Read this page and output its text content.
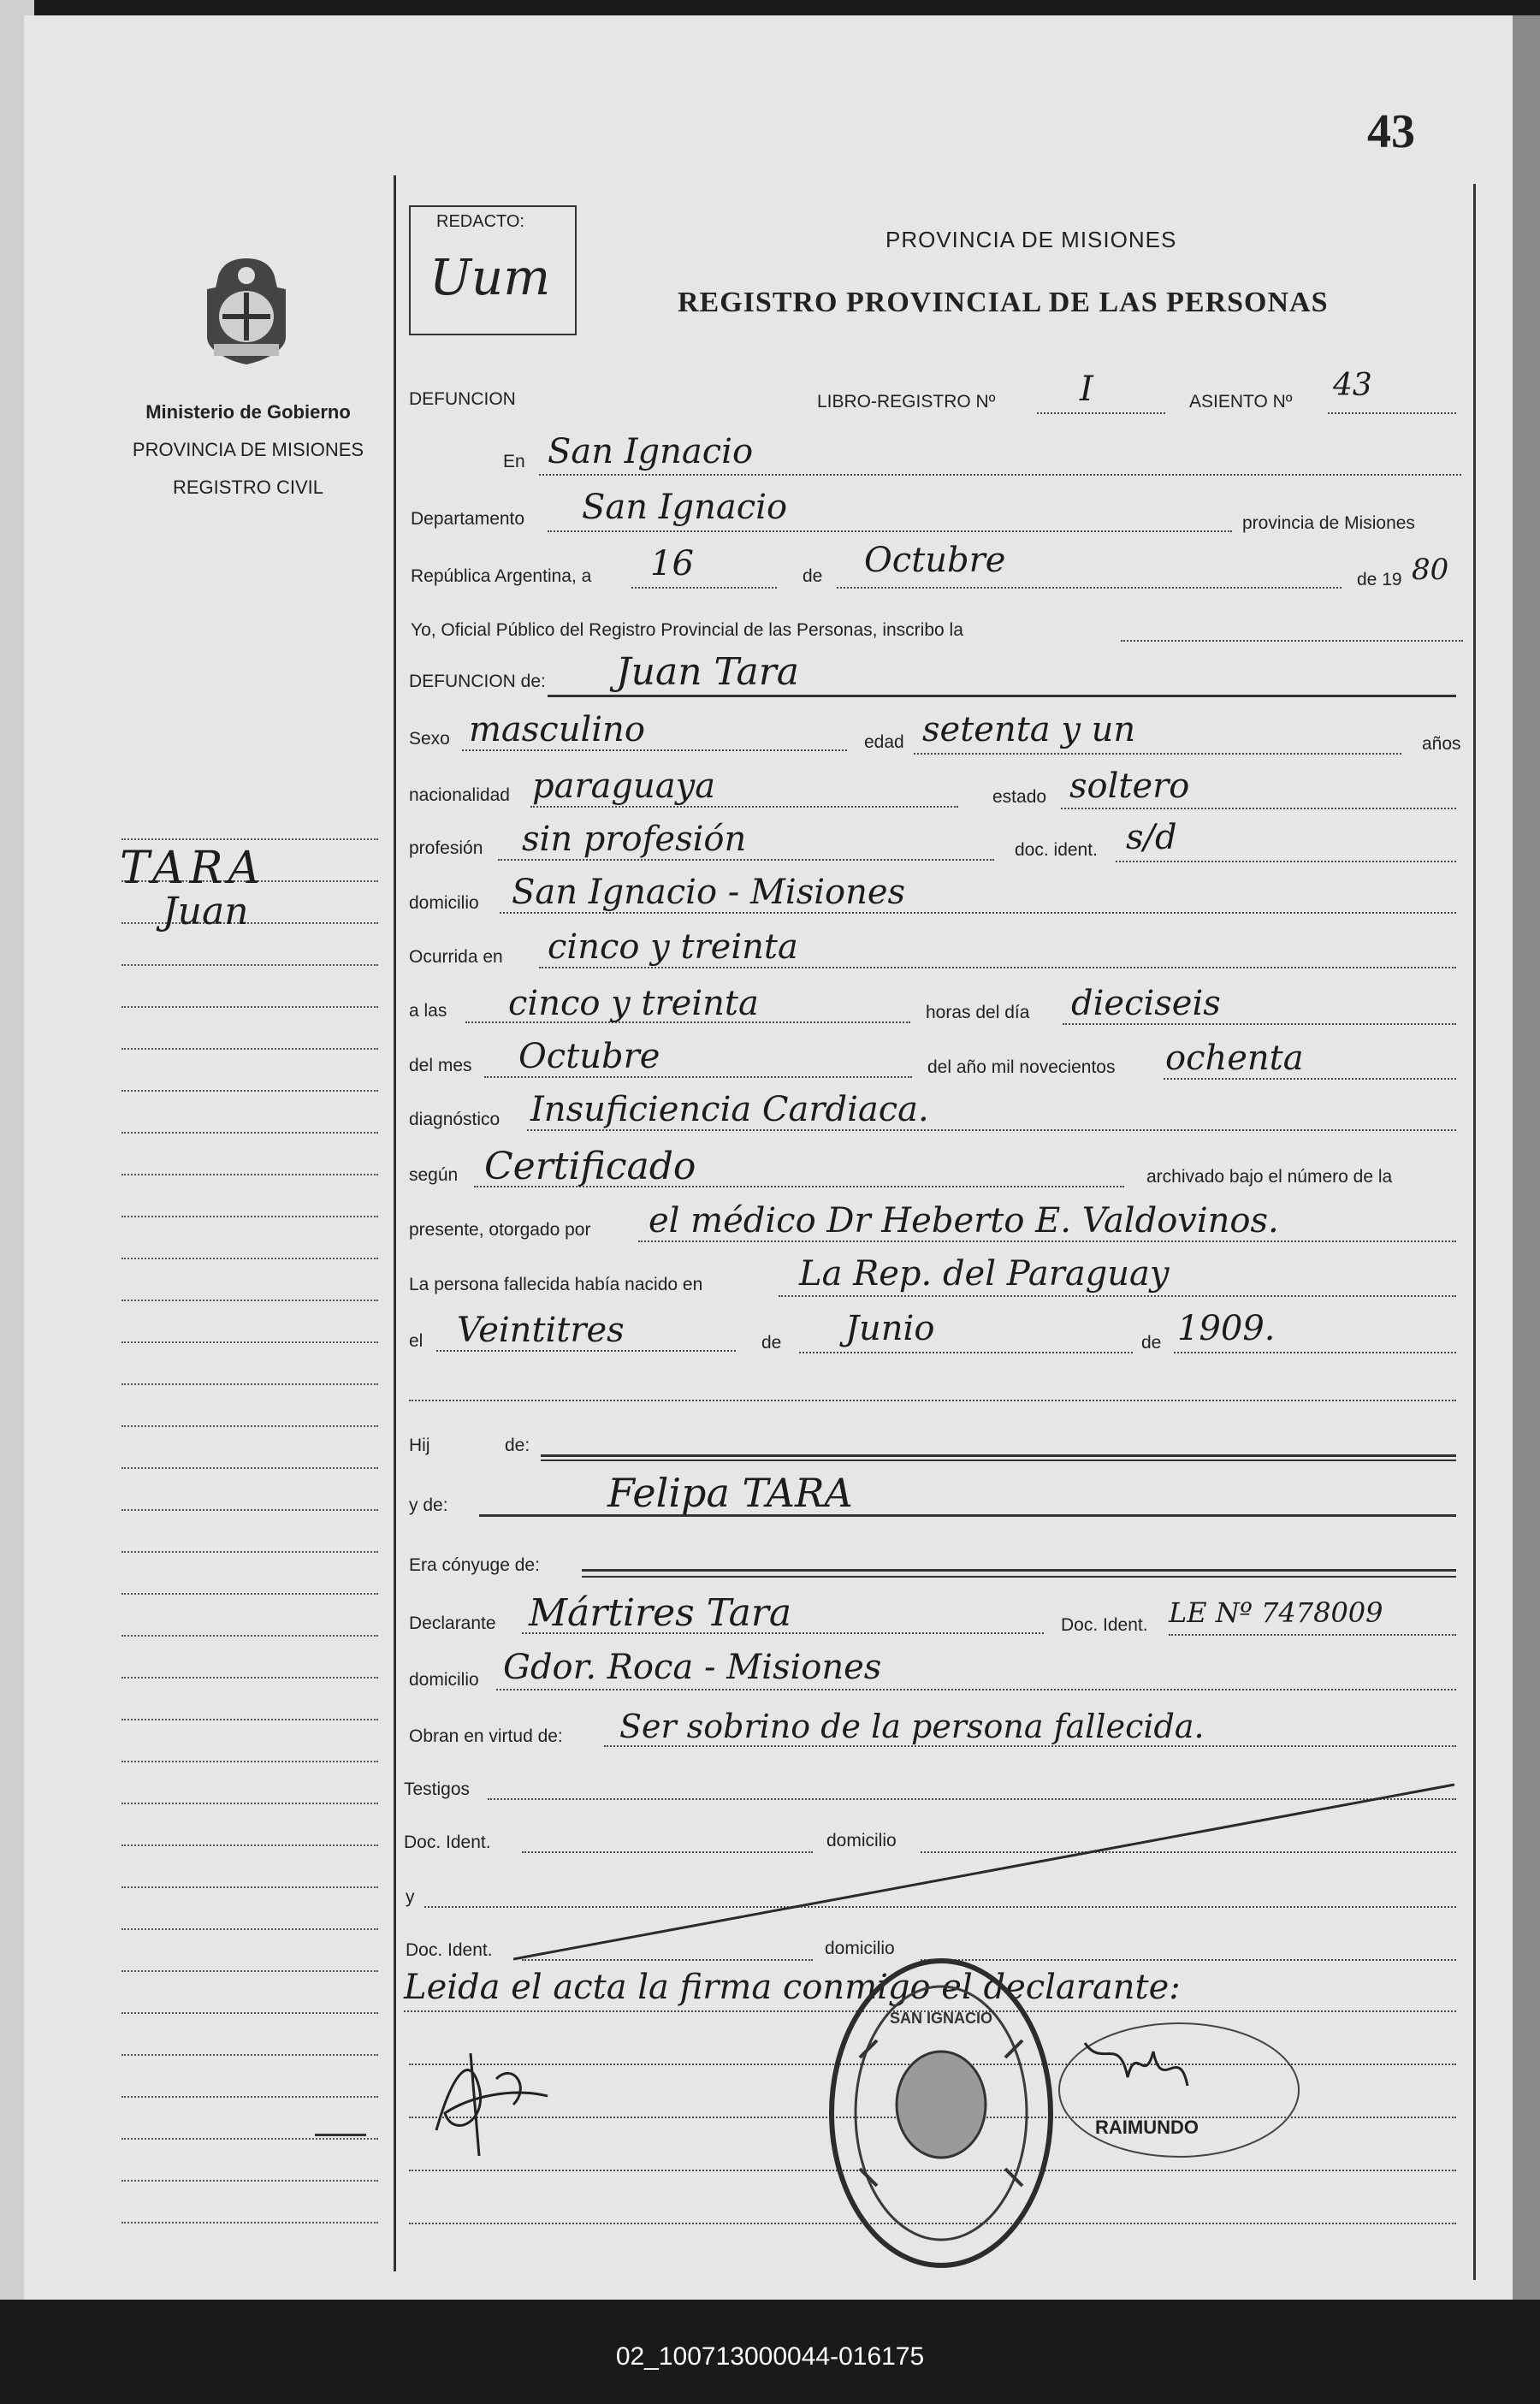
43
REDACTO:
Uum
PROVINCIA DE MISIONES
REGISTRO PROVINCIAL DE LAS PERSONAS
Ministerio de Gobierno
PROVINCIA DE MISIONES
REGISTRO CIVIL
TARA
Juan
DEFUNCION	LIBRO-REGISTRO Nº I	ASIENTO Nº 43
En San Ignacio
Departamento San Ignacio	provincia de Misiones
República Argentina, a 16	de Octubre	de 19 80
Yo, Oficial Público del Registro Provincial de las Personas, inscribo la
DEFUNCION de: Juan Tara
Sexo masculino	edad setenta y un	años
nacionalidad paraguaya	estado soltero
profesión sin profesión	doc. ident. s/d
domicilio San Ignacio - Misiones
Ocurrida en cinco y treinta
a las cinco y treinta	horas del día dieciseis
del mes Octubre	del año mil novecientos ochenta
diagnóstico Insuficiencia Cardiaca.
según Certificado	archivado bajo el número de la
presente, otorgado por el médico Dr Heberto E. Valdovinos.
La persona fallecida había nacido en	La Rep. del Paraguay
el Veintitres	de Junio	de 1909.
Hij	de:
y de:	Felipa TARA
Era cónyuge de:
Declarante Mártires Tara	Doc. Ident. LE Nº 7478009
domicilio Gdor. Roca - Misiones
Obran en virtud de: Ser sobrino de la persona fallecida.
Testigos
Doc. Ident.	domicilio
y
Doc. Ident.	domicilio
Leida el acta la firma conmigo el declarante:
SAN IGNACIO
RAIMUNDO
02_100713000044-016175
